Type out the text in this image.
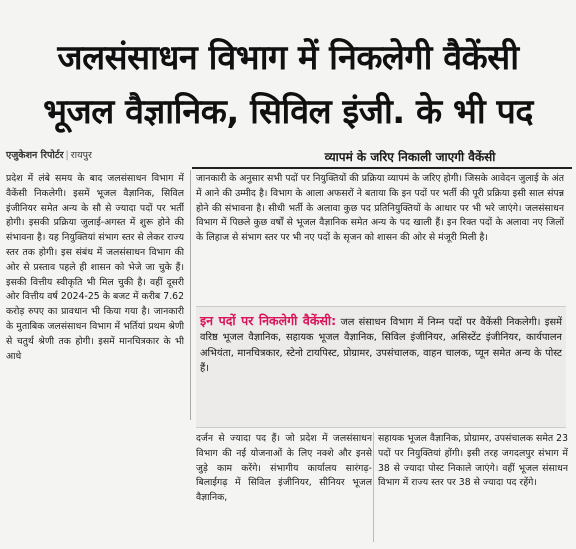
जलसंसाधन विभाग में निकलेगी वैकेंसी
भूजल वैज्ञानिक, सिविल इंजी. के भी पद
एजुकेशन रिपोर्टर | रायपुर	व्यापमं के जरिए निकाली जाएगी वैकेंसी

प्रदेश में लंबे समय के बाद जलसंसाधन विभाग में वैकेंसी निकलेगी। इसमें भूजल वैज्ञानिक, सिविल इंजीनियर समेत अन्य के सौ से ज्यादा पदों पर भर्ती होगी। इसकी प्रक्रिया जुलाई-अगस्त में शुरू होने की संभावना है। यह नियुक्तियां संभाग स्तर से लेकर राज्य स्तर तक होगी। इस संबंध में जलसंसाधन विभाग की ओर से प्रस्ताव पहले ही शासन को भेजे जा चुके हैं। इसकी वित्तीय स्वीकृति भी मिल चुकी है। वहीं दूसरी ओर वित्तीय वर्ष 2024-25 के बजट में करीब 7.62 करोड़ रुपए का प्रावधान भी किया गया है। जानकारी के मुताबिक जलसंसाधन विभाग में भर्तियां प्रथम श्रेणी से चतुर्थ श्रेणी तक होगी। इसमें मानचित्रकार के भी आधे

जानकारी के अनुसार सभी पदों पर नियुक्तियों की प्रक्रिया व्यापमं के जरिए होगी। जिसके आवेदन जुलाई के अंत में आने की उम्मीद है। विभाग के आला अफसरों ने बताया कि इन पदों पर भर्ती की पूरी प्रक्रिया इसी साल संपन्न होने की संभावना है। सीधी भर्ती के अलावा कुछ पद प्रतिनियुक्तियों के आधार पर भी भरे जाएंगे। जलसंसाधन विभाग में पिछले कुछ वर्षों से भूजल वैज्ञानिक समेत अन्य के पद खाली हैं। इन रिक्त पदों के अलावा नए जिलों के लिहाज से संभाग स्तर पर भी नए पदों के सृजन को शासन की ओर से मंजूरी मिली है।

इन पदों पर निकलेगी वैकेंसी: जल संसाधन विभाग में निम्न पदों पर वैकेंसी निकलेगी। इसमें वरिष्ठ भूजल वैज्ञानिक, सहायक भूजल वैज्ञानिक, सिविल इंजीनियर, असिस्टेंट इंजीनियर, कार्यपालन अभियंता, मानचित्रकार, स्टेनो टायपिस्ट, प्रोग्रामर, उपसंचालक, वाहन चालक, प्यून समेत अन्य के पोस्ट हैं।

दर्जन से ज्यादा पद हैं। जो प्रदेश में जलसंसाधन विभाग की नई योजनाओं के लिए नक्शे और इनसे जुड़े काम करेंगे। संभागीय कार्यालय सारंगढ़-बिलाईगढ़ में सिविल इंजीनियर, सीनियर भूजल वैज्ञानिक,

सहायक भूजल वैज्ञानिक, प्रोग्रामर, उपसंचालक समेत 23 पदों पर नियुक्तियां होंगी। इसी तरह जगदलपुर संभाग में 38 से ज्यादा पोस्ट निकाले जाएंगे। वहीं भूजल संसाधन विभाग में राज्य स्तर पर 38 से ज्यादा पद रहेंगे।
